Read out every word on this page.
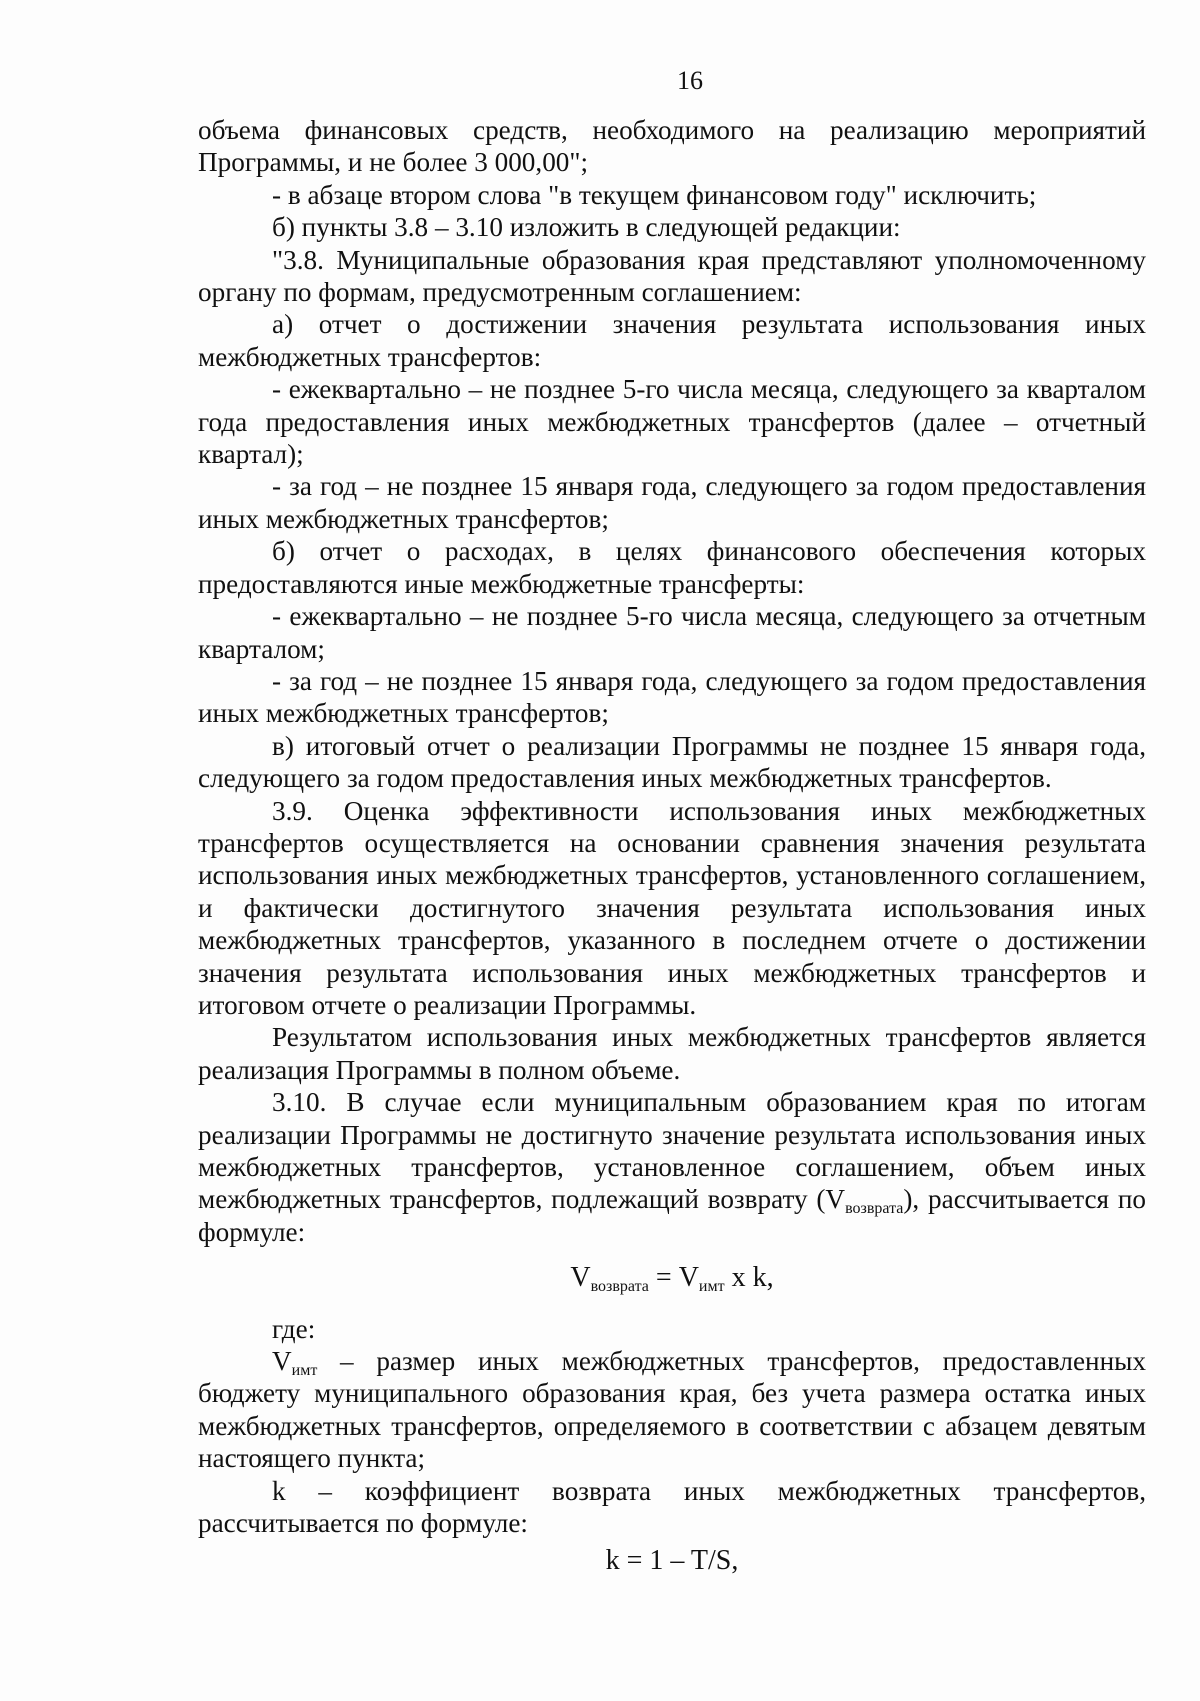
16

объема финансовых средств, необходимого на реализацию мероприятий Программы, и не более 3 000,00";

- в абзаце втором слова "в текущем финансовом году" исключить;

б) пункты 3.8 – 3.10 изложить в следующей редакции:

"3.8. Муниципальные образования края представляют уполномоченному органу по формам, предусмотренным соглашением:

а) отчет о достижении значения результата использования иных межбюджетных трансфертов:

- ежеквартально – не позднее 5-го числа месяца, следующего за кварталом года предоставления иных межбюджетных трансфертов (далее – отчетный квартал);

- за год – не позднее 15 января года, следующего за годом предоставления иных межбюджетных трансфертов;

б) отчет о расходах, в целях финансового обеспечения которых предоставляются иные межбюджетные трансферты:

- ежеквартально – не позднее 5-го числа месяца, следующего за отчетным кварталом;

- за год – не позднее 15 января года, следующего за годом предоставления иных межбюджетных трансфертов;

в) итоговый отчет о реализации Программы не позднее 15 января года, следующего за годом предоставления иных межбюджетных трансфертов.

3.9. Оценка эффективности использования иных межбюджетных трансфертов осуществляется на основании сравнения значения результата использования иных межбюджетных трансфертов, установленного соглашением, и фактически достигнутого значения результата использования иных межбюджетных трансфертов, указанного в последнем отчете о достижении значения результата использования иных межбюджетных трансфертов и итоговом отчете о реализации Программы.

Результатом использования иных межбюджетных трансфертов является реализация Программы в полном объеме.

3.10. В случае если муниципальным образованием края по итогам реализации Программы не достигнуто значение результата использования иных межбюджетных трансфертов, установленное соглашением, объем иных межбюджетных трансфертов, подлежащий возврату $(V_{возврата})$, рассчитывается по формуле:

$V_{возврата} = V_{имт}$ x k,

где:

$V_{имт}$ – размер иных межбюджетных трансфертов, предоставленных бюджету муниципального образования края, без учета размера остатка иных межбюджетных трансфертов, определяемого в соответствии с абзацем девятым настоящего пункта;

k – коэффициент возврата иных межбюджетных трансфертов, рассчитывается по формуле:

k = 1 – T/S,
